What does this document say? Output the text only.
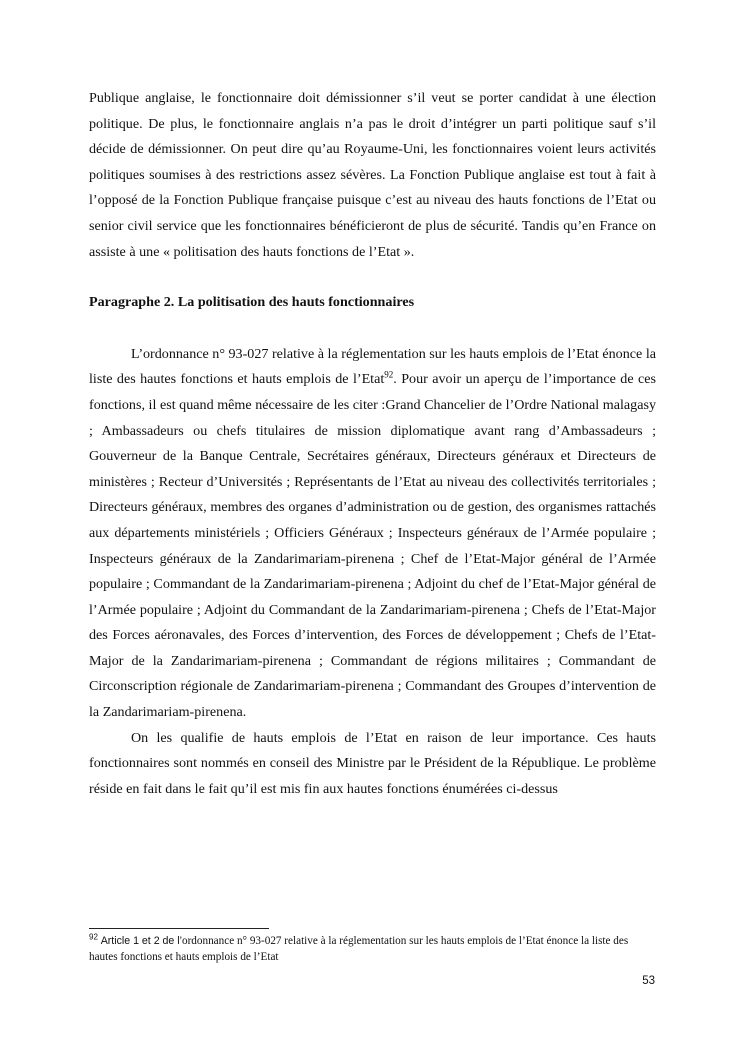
Publique anglaise, le fonctionnaire doit démissionner s’il veut se porter candidat à une élection politique. De plus, le fonctionnaire anglais n’a pas le droit d’intégrer un parti politique sauf s’il décide de démissionner. On peut dire qu’au Royaume-Uni, les fonctionnaires voient leurs activités politiques soumises à des restrictions assez sévères. La Fonction Publique anglaise est tout à fait à l’opposé de la Fonction Publique française puisque c’est au niveau des hauts fonctions de l’Etat ou senior civil service que les fonctionnaires bénéficieront de plus de sécurité. Tandis qu’en France on assiste à une « politisation des hauts fonctions de l’Etat ».

Paragraphe 2. La politisation des hauts fonctionnaires

L’ordonnance n° 93-027 relative à la réglementation sur les hauts emplois de l’Etat énonce la liste des hautes fonctions et hauts emplois de l’Etat$^{92}$. Pour avoir un aperçu de l’importance de ces fonctions, il est quand même nécessaire de les citer :Grand Chancelier de l’Ordre National malagasy ; Ambassadeurs ou chefs titulaires de mission diplomatique avant rang d’Ambassadeurs ; Gouverneur de la Banque Centrale, Secrétaires généraux, Directeurs généraux et Directeurs de ministères ; Recteur d’Universités ; Représentants de l’Etat au niveau des collectivités territoriales ; Directeurs généraux, membres des organes d’administration ou de gestion, des organismes rattachés aux départements ministériels ; Officiers Généraux ; Inspecteurs généraux de l’Armée populaire ; Inspecteurs généraux de la Zandarimariam-pirenena ; Chef de l’Etat-Major général de l’Armée populaire ; Commandant de la Zandarimariam-pirenena ; Adjoint du chef de l’Etat-Major général de l’Armée populaire ; Adjoint du Commandant de la Zandarimariam-pirenena ; Chefs de l’Etat-Major des Forces aéronavales, des Forces d’intervention, des Forces de développement ; Chefs de l’Etat-Major de la Zandarimariam-pirenena ; Commandant de régions militaires ; Commandant de Circonscription régionale de Zandarimariam-pirenena ; Commandant des Groupes d’intervention de la Zandarimariam-pirenena.

On les qualifie de hauts emplois de l’Etat en raison de leur importance. Ces hauts fonctionnaires sont nommés en conseil des Ministre par le Président de la République. Le problème réside en fait dans le fait qu’il est mis fin aux hautes fonctions énumérées ci-dessus

$^{92}$ Article 1 et 2 de l’ordonnance n° 93-027 relative à la réglementation sur les hauts emplois de l’Etat énonce la liste des hautes fonctions et hauts emplois de l’Etat
53
